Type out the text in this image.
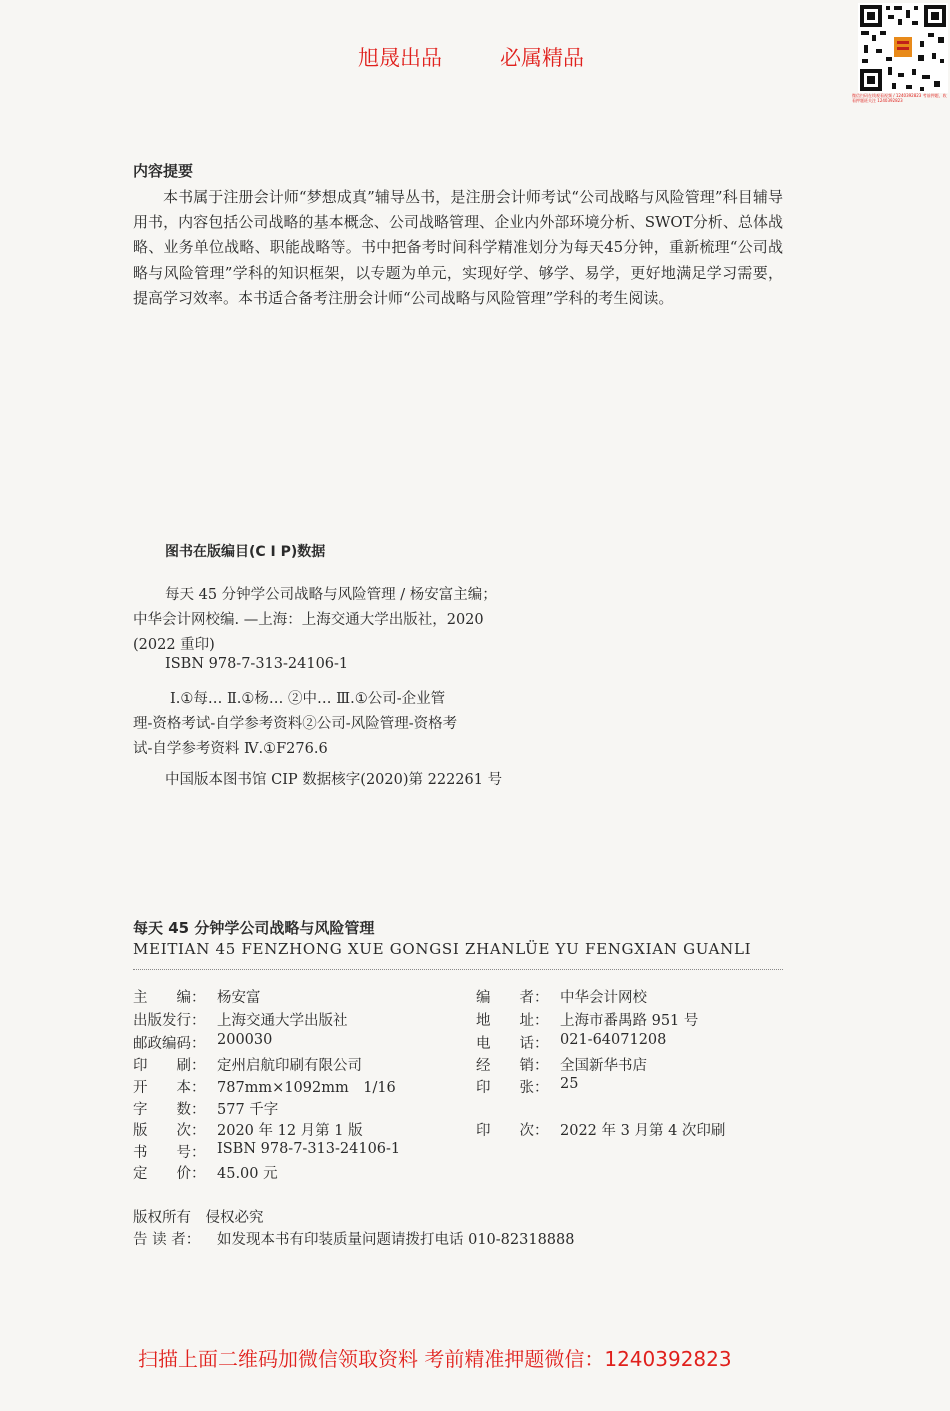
旭晟出品	必属精品
微信扫码在线观看视频 / 1240392823 考前押题，收看押题班关注 1240392823
内容提要
本书属于注册会计师“梦想成真”辅导丛书，是注册会计师考试“公司战略与风险管理”科目辅导用书，内容包括公司战略的基本概念、公司战略管理、企业内外部环境分析、SWOT分析、总体战略、业务单位战略、职能战略等。书中把备考时间科学精准划分为每天45分钟，重新梳理“公司战略与风险管理”学科的知识框架，以专题为单元，实现好学、够学、易学，更好地满足学习需要，提高学习效率。本书适合备考注册会计师“公司战略与风险管理”学科的考生阅读。
图书在版编目(C I P)数据
每天 45 分钟学公司战略与风险管理 / 杨安富主编；
中华会计网校编. —上海：上海交通大学出版社，2020
(2022 重印)
ISBN 978-7-313-24106-1
Ⅰ.①每… Ⅱ.①杨… ②中… Ⅲ.①公司-企业管
理-资格考试-自学参考资料②公司-风险管理-资格考
试-自学参考资料 Ⅳ.①F276.6
中国版本图书馆 CIP 数据核字(2020)第 222261 号
每天 45 分钟学公司战略与风险管理
MEITIAN 45 FENZHONG XUE GONGSI ZHANLÜE YU FENGXIAN GUANLI
主　　编： 杨安富
出版发行： 上海交通大学出版社
邮政编码： 200030
印　　刷： 定州启航印刷有限公司
开　　本： 787mm×1092mm　1/16
字　　数： 577 千字
版　　次： 2020 年 12 月第 1 版
书　　号： ISBN 978-7-313-24106-1
定　　价： 45.00 元
编　　者： 中华会计网校
地　　址： 上海市番禺路 951 号
电　　话： 021-64071208
经　　销： 全国新华书店
印　　张： 25
印　　次： 2022 年 3 月第 4 次印刷
版权所有　侵权必究
告 读 者： 如发现本书有印装质量问题请拨打电话 010-82318888
扫描上面二维码加微信领取资料 考前精准押题微信：1240392823
